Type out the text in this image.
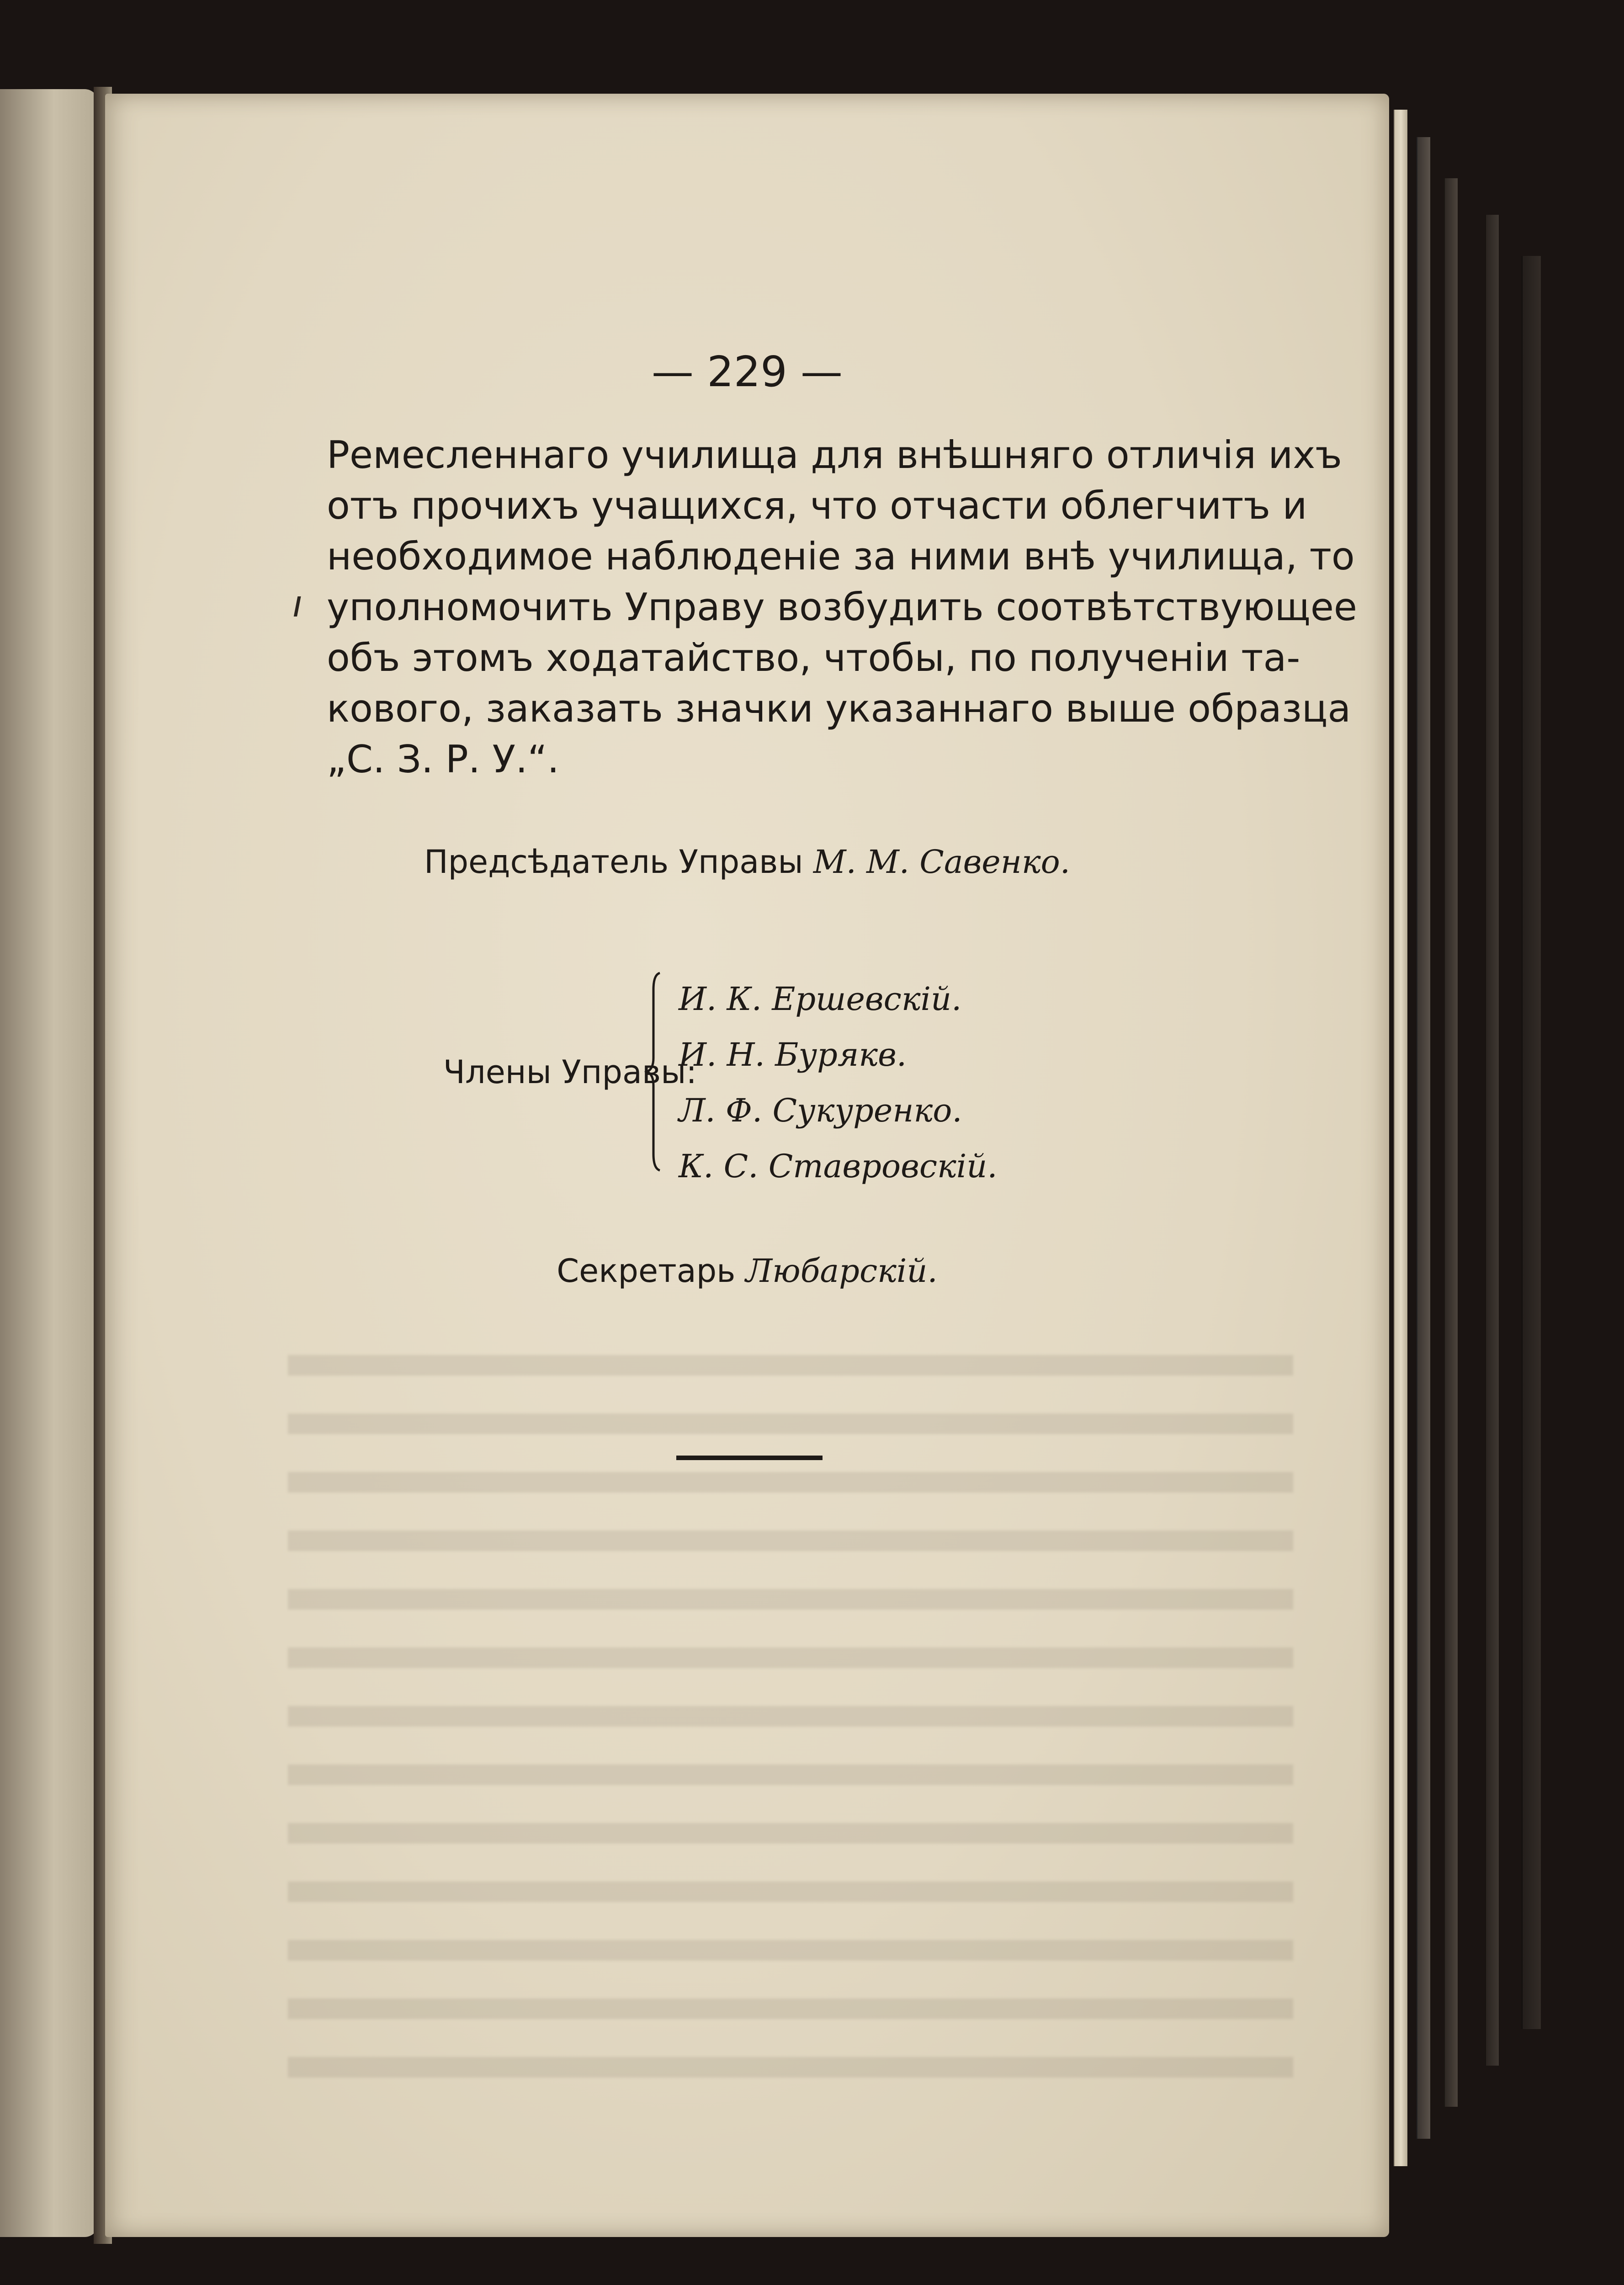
— 229 —
ı
Ремесленнаго училища для внѣшняго отличія ихъ
отъ прочихъ учащихся, что отчасти облегчитъ и
необходимое наблюденіе за ними внѣ училища, то
уполномочить Управу возбудить соотвѣтствующее
объ этомъ ходатайство, чтобы, по полученіи та-
кового, заказать значки указаннаго выше образца
„С. З. Р. У.“.
Предсѣдатель Управы М. М. Савенко.
Члены Управы:
И. К. Ершевскій.
И. Н. Бурякв.
Л. Ф. Сукуренко.
К. С. Ставровскій.
Секретарь Любарскій.
